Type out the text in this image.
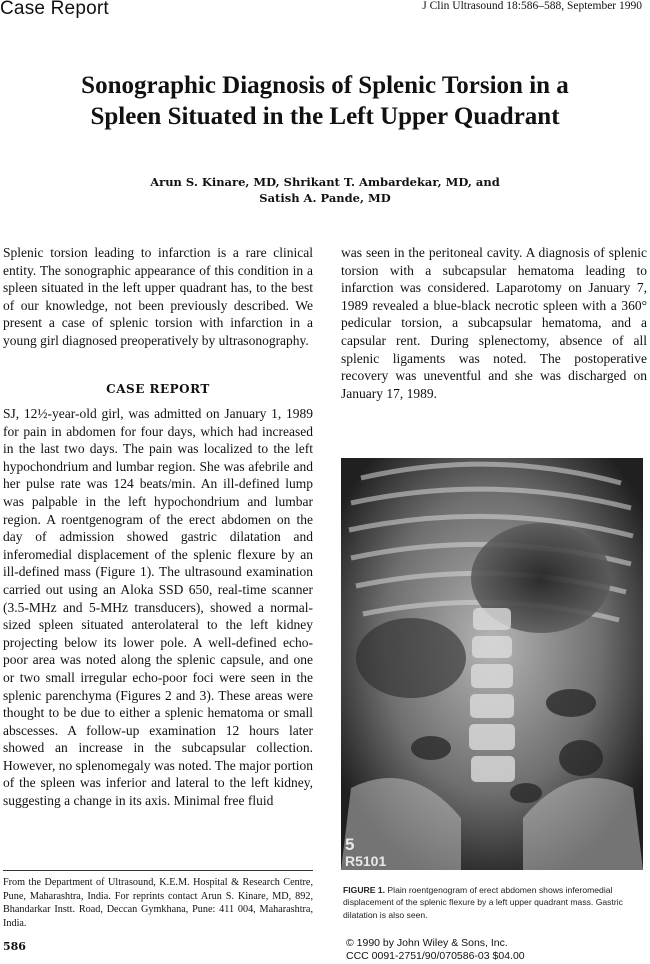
Case Report	J Clin Ultrasound 18:586–588, September 1990
Sonographic Diagnosis of Splenic Torsion in a
Spleen Situated in the Left Upper Quadrant
Arun S. Kinare, MD, Shrikant T. Ambardekar, MD, and
Satish A. Pande, MD
Splenic torsion leading to infarction is a rare clinical entity. The sonographic appearance of this condition in a spleen situated in the left upper quadrant has, to the best of our knowledge, not been previously described. We present a case of splenic torsion with infarction in a young girl diagnosed preoperatively by ultrasonography.
CASE REPORT
SJ, 12½-year-old girl, was admitted on January 1, 1989 for pain in abdomen for four days, which had increased in the last two days. The pain was localized to the left hypochondrium and lumbar region. She was afebrile and her pulse rate was 124 beats/min. An ill-defined lump was palpable in the left hypochondrium and lumbar region. A roentgenogram of the erect abdomen on the day of admission showed gastric dilatation and inferomedial displacement of the splenic flexure by an ill-defined mass (Figure 1). The ultrasound examination carried out using an Aloka SSD 650, real-time scanner (3.5-MHz and 5-MHz transducers), showed a normal-sized spleen situated anterolateral to the left kidney projecting below its lower pole. A well-defined echo-poor area was noted along the splenic capsule, and one or two small irregular echo-poor foci were seen in the splenic parenchyma (Figures 2 and 3). These areas were thought to be due to either a splenic hematoma or small abscesses. A follow-up examination 12 hours later showed an increase in the subcapsular collection. However, no splenomegaly was noted. The major portion of the spleen was inferior and lateral to the left kidney, suggesting a change in its axis. Minimal free fluid
was seen in the peritoneal cavity. A diagnosis of splenic torsion with a subcapsular hematoma leading to infarction was considered. Laparotomy on January 7, 1989 revealed a blue-black necrotic spleen with a 360° pedicular torsion, a subcapsular hematoma, and a capsular rent. During splenectomy, absence of all splenic ligaments was noted. The postoperative recovery was uneventful and she was discharged on January 17, 1989.
5
R5101
FIGURE 1. Plain roentgenogram of erect abdomen shows inferomedial displacement of the splenic flexure by a left upper quadrant mass. Gastric dilatation is also seen.
From the Department of Ultrasound, K.E.M. Hospital & Research Centre, Pune, Maharashtra, India. For reprints contact Arun S. Kinare, MD, 892, Bhandarkar Instt. Road, Deccan Gymkhana, Pune: 411 004, Maharashtra, India.
586	© 1990 by John Wiley & Sons, Inc.
CCC 0091-2751/90/070586-03 $04.00
